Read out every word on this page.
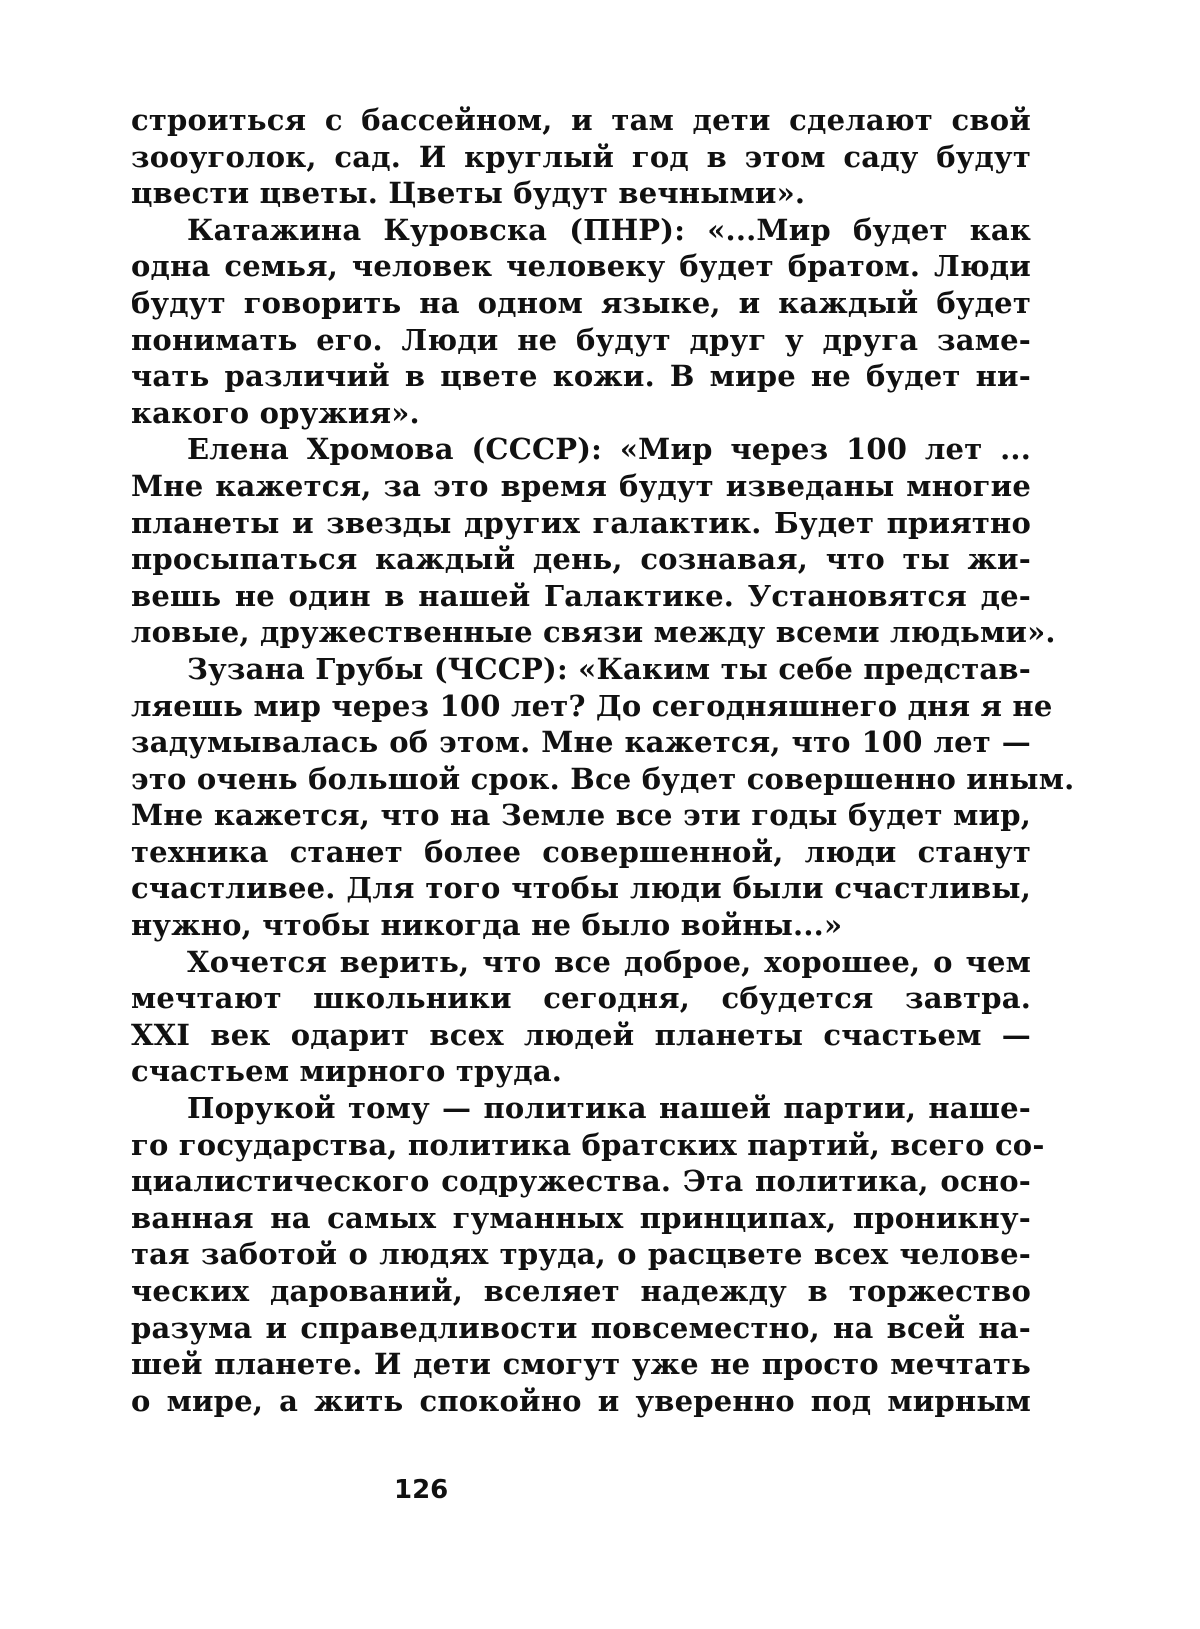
строиться с бассейном, и там дети сделают свой
зооуголок, сад. И круглый год в этом саду будут
цвести цветы. Цветы будут вечными».
Катажина Куровска (ПНР): «...Мир будет как
одна семья, человек человеку будет братом. Люди
будут говорить на одном языке, и каждый будет
понимать его. Люди не будут друг у друга заме-
чать различий в цвете кожи. В мире не будет ни-
какого оружия».
Елена Хромова (СССР): «Мир через 100 лет ...
Мне кажется, за это время будут изведаны многие
планеты и звезды других галактик. Будет приятно
просыпаться каждый день, сознавая, что ты жи-
вешь не один в нашей Галактике. Установятся де-
ловые, дружественные связи между всеми людьми».
Зузана Грубы (ЧССР): «Каким ты себе представ-
ляешь мир через 100 лет? До сегодняшнего дня я не
задумывалась об этом. Мне кажется, что 100 лет —
это очень большой срок. Все будет совершенно иным.
Мне кажется, что на Земле все эти годы будет мир,
техника станет более совершенной, люди станут
счастливее. Для того чтобы люди были счастливы,
нужно, чтобы никогда не было войны...»
Хочется верить, что все доброе, хорошее, о чем
мечтают школьники сегодня, сбудется завтра.
XXI век одарит всех людей планеты счастьем —
счастьем мирного труда.
Порукой тому — политика нашей партии, наше-
го государства, политика братских партий, всего со-
циалистического содружества. Эта политика, осно-
ванная на самых гуманных принципах, проникну-
тая заботой о людях труда, о расцвете всех челове-
ческих дарований, вселяет надежду в торжество
разума и справедливости повсеместно, на всей на-
шей планете. И дети смогут уже не просто мечтать
о мире, а жить спокойно и уверенно под мирным
126
